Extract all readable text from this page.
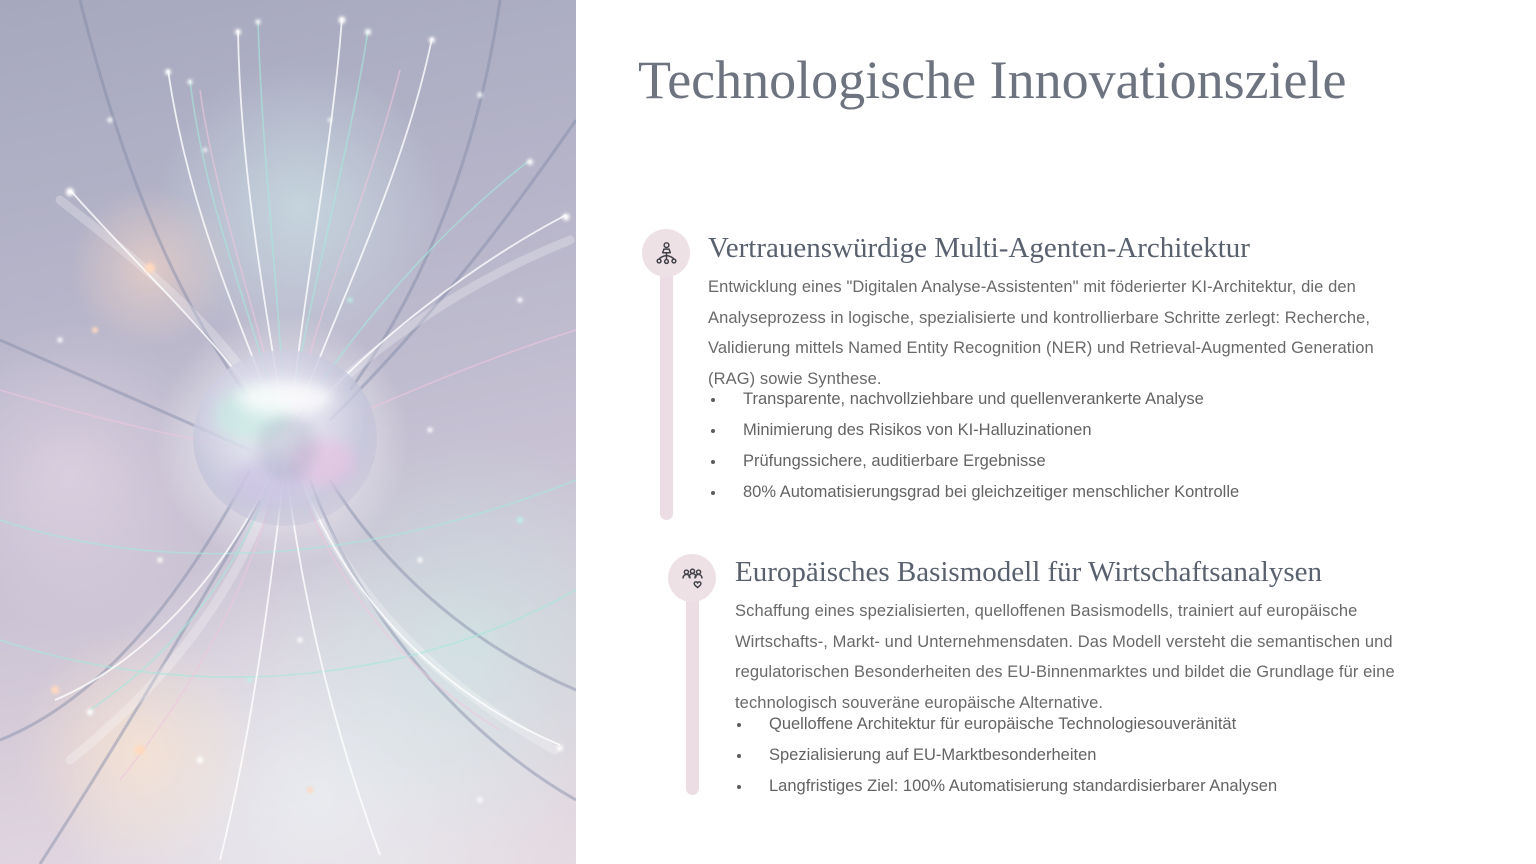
Technologische Innovationsziele
Vertrauenswürdige Multi-Agenten-Architektur
Entwicklung eines "Digitalen Analyse-Assistenten" mit föderierter KI-Architektur, die den
Analyseprozess in logische, spezialisierte und kontrollierbare Schritte zerlegt: Recherche,
Validierung mittels Named Entity Recognition (NER) und Retrieval-Augmented Generation
(RAG) sowie Synthese.
Transparente, nachvollziehbare und quellenverankerte Analyse
Minimierung des Risikos von KI-Halluzinationen
Prüfungssichere, auditierbare Ergebnisse
80% Automatisierungsgrad bei gleichzeitiger menschlicher Kontrolle
Europäisches Basismodell für Wirtschaftsanalysen
Schaffung eines spezialisierten, quelloffenen Basismodells, trainiert auf europäische
Wirtschafts-, Markt- und Unternehmensdaten. Das Modell versteht die semantischen und
regulatorischen Besonderheiten des EU-Binnenmarktes und bildet die Grundlage für eine
technologisch souveräne europäische Alternative.
Quelloffene Architektur für europäische Technologiesouveränität
Spezialisierung auf EU-Marktbesonderheiten
Langfristiges Ziel: 100% Automatisierung standardisierbarer Analysen
